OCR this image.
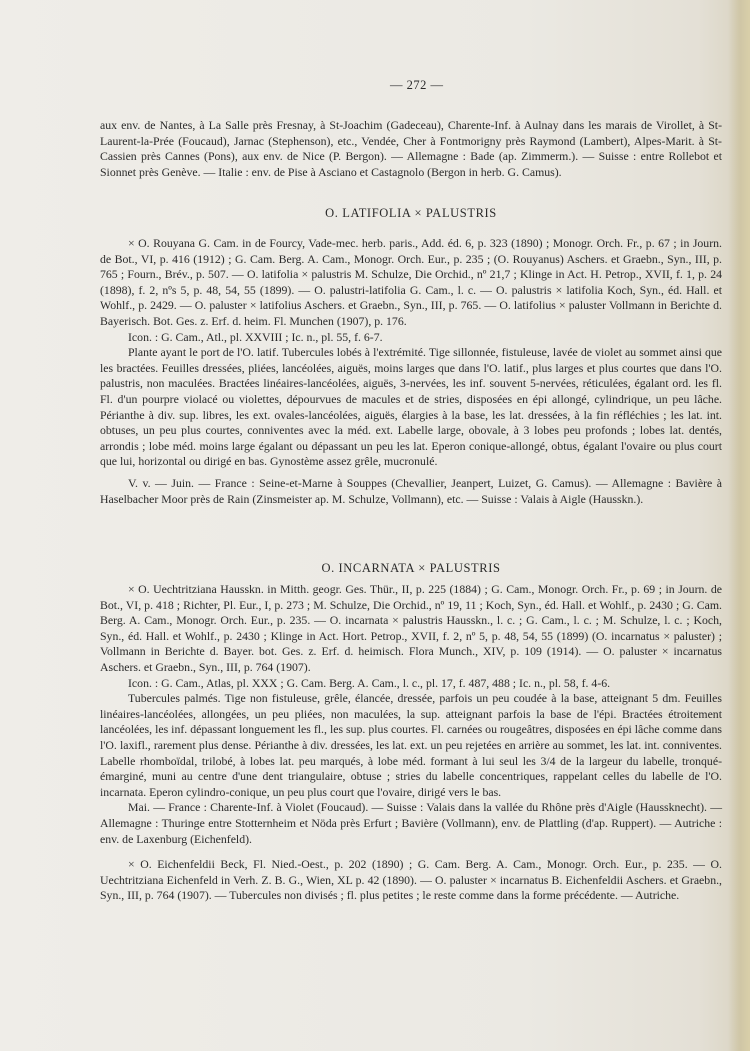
— 272 —

aux env. de Nantes, à La Salle près Fresnay, à St-Joachim (Gadeceau), Charente-Inf. à Aulnay dans les marais de Virollet, à St-Laurent-la-Prée (Foucaud), Jarnac (Stephenson), etc., Vendée, Cher à Fontmorigny près Raymond (Lambert), Alpes-Marit. à St-Cassien près Cannes (Pons), aux env. de Nice (P. Bergon). — Allemagne : Bade (ap. Zimmerm.). — Suisse : entre Rollebot et Sionnet près Genève. — Italie : env. de Pise à Asciano et Castagnolo (Bergon in herb. G. Camus).

O. LATIFOLIA × PALUSTRIS

× O. Rouyana G. Cam. in de Fourcy, Vade-mec. herb. paris., Add. éd. 6, p. 323 (1890) ; Monogr. Orch. Fr., p. 67 ; in Journ. de Bot., VI, p. 416 (1912) ; G. Cam. Berg. A. Cam., Monogr. Orch. Eur., p. 235 ; (O. Rouyanus) Aschers. et Graebn., Syn., III, p. 765 ; Fourn., Brév., p. 507. — O. latifolia × palustris M. Schulze, Die Orchid., nº 21,7 ; Klinge in Act. H. Petrop., XVII, f. 1, p. 24 (1898), f. 2, nºs 5, p. 48, 54, 55 (1899). — O. palustri-latifolia G. Cam., l. c. — O. palustris × latifolia Koch, Syn., éd. Hall. et Wohlf., p. 2429. — O. paluster × latifolius Aschers. et Graebn., Syn., III, p. 765. — O. latifolius × paluster Vollmann in Berichte d. Bayerisch. Bot. Ges. z. Erf. d. heim. Fl. Munchen (1907), p. 176.

Icon. : G. Cam., Atl., pl. XXVIII ; Ic. n., pl. 55, f. 6-7.

Plante ayant le port de l'O. latif. Tubercules lobés à l'extrémité. Tige sillonnée, fistuleuse, lavée de violet au sommet ainsi que les bractées. Feuilles dressées, pliées, lancéolées, aiguës, moins larges que dans l'O. latif., plus larges et plus courtes que dans l'O. palustris, non maculées. Bractées linéaires-lancéolées, aiguës, 3-nervées, les inf. souvent 5-nervées, réticulées, égalant ord. les fl. Fl. d'un pourpre violacé ou violettes, dépourvues de macules et de stries, disposées en épi allongé, cylindrique, un peu lâche. Périanthe à div. sup. libres, les ext. ovales-lancéolées, aiguës, élargies à la base, les lat. dressées, à la fin réfléchies ; les lat. int. obtuses, un peu plus courtes, conniventes avec la méd. ext. Labelle large, obovale, à 3 lobes peu profonds ; lobes lat. dentés, arrondis ; lobe méd. moins large égalant ou dépassant un peu les lat. Eperon conique-allongé, obtus, égalant l'ovaire ou plus court que lui, horizontal ou dirigé en bas. Gynostème assez grêle, mucronulé.

V. v. — Juin. — France : Seine-et-Marne à Souppes (Chevallier, Jeanpert, Luizet, G. Camus). — Allemagne : Bavière à Haselbacher Moor près de Rain (Zinsmeister ap. M. Schulze, Vollmann), etc. — Suisse : Valais à Aigle (Hausskn.).

O. INCARNATA × PALUSTRIS

× O. Uechtritziana Hausskn. in Mitth. geogr. Ges. Thür., II, p. 225 (1884) ; G. Cam., Monogr. Orch. Fr., p. 69 ; in Journ. de Bot., VI, p. 418 ; Richter, Pl. Eur., I, p. 273 ; M. Schulze, Die Orchid., nº 19, 11 ; Koch, Syn., éd. Hall. et Wohlf., p. 2430 ; G. Cam. Berg. A. Cam., Monogr. Orch. Eur., p. 235. — O. incarnata × palustris Hausskn., l. c. ; G. Cam., l. c. ; M. Schulze, l. c. ; Koch, Syn., éd. Hall. et Wohlf., p. 2430 ; Klinge in Act. Hort. Petrop., XVII, f. 2, nº 5, p. 48, 54, 55 (1899) (O. incarnatus × paluster) ; Vollmann in Berichte d. Bayer. bot. Ges. z. Erf. d. heimisch. Flora Munch., XIV, p. 109 (1914). — O. paluster × incarnatus Aschers. et Graebn., Syn., III, p. 764 (1907).

Icon. : G. Cam., Atlas, pl. XXX ; G. Cam. Berg. A. Cam., l. c., pl. 17, f. 487, 488 ; Ic. n., pl. 58, f. 4-6.

Tubercules palmés. Tige non fistuleuse, grêle, élancée, dressée, parfois un peu coudée à la base, atteignant 5 dm. Feuilles linéaires-lancéolées, allongées, un peu pliées, non maculées, la sup. atteignant parfois la base de l'épi. Bractées étroitement lancéolées, les inf. dépassant longuement les fl., les sup. plus courtes. Fl. carnées ou rougeâtres, disposées en épi lâche comme dans l'O. laxifl., rarement plus dense. Périanthe à div. dressées, les lat. ext. un peu rejetées en arrière au sommet, les lat. int. conniventes. Labelle rhomboïdal, trilobé, à lobes lat. peu marqués, à lobe méd. formant à lui seul les 3/4 de la largeur du labelle, tronqué-émarginé, muni au centre d'une dent triangulaire, obtuse ; stries du labelle concentriques, rappelant celles du labelle de l'O. incarnata. Eperon cylindro-conique, un peu plus court que l'ovaire, dirigé vers le bas.

Mai. — France : Charente-Inf. à Violet (Foucaud). — Suisse : Valais dans la vallée du Rhône près d'Aigle (Haussknecht). — Allemagne : Thuringe entre Stotternheim et Nöda près Erfurt ; Bavière (Vollmann), env. de Plattling (d'ap. Ruppert). — Autriche : env. de Laxenburg (Eichenfeld).

× O. Eichenfeldii Beck, Fl. Nied.-Oest., p. 202 (1890) ; G. Cam. Berg. A. Cam., Monogr. Orch. Eur., p. 235. — O. Uechtritziana Eichenfeld in Verh. Z. B. G., Wien, XL p. 42 (1890). — O. paluster × incarnatus B. Eichenfeldii Aschers. et Graebn., Syn., III, p. 764 (1907). — Tubercules non divisés ; fl. plus petites ; le reste comme dans la forme précédente. — Autriche.
